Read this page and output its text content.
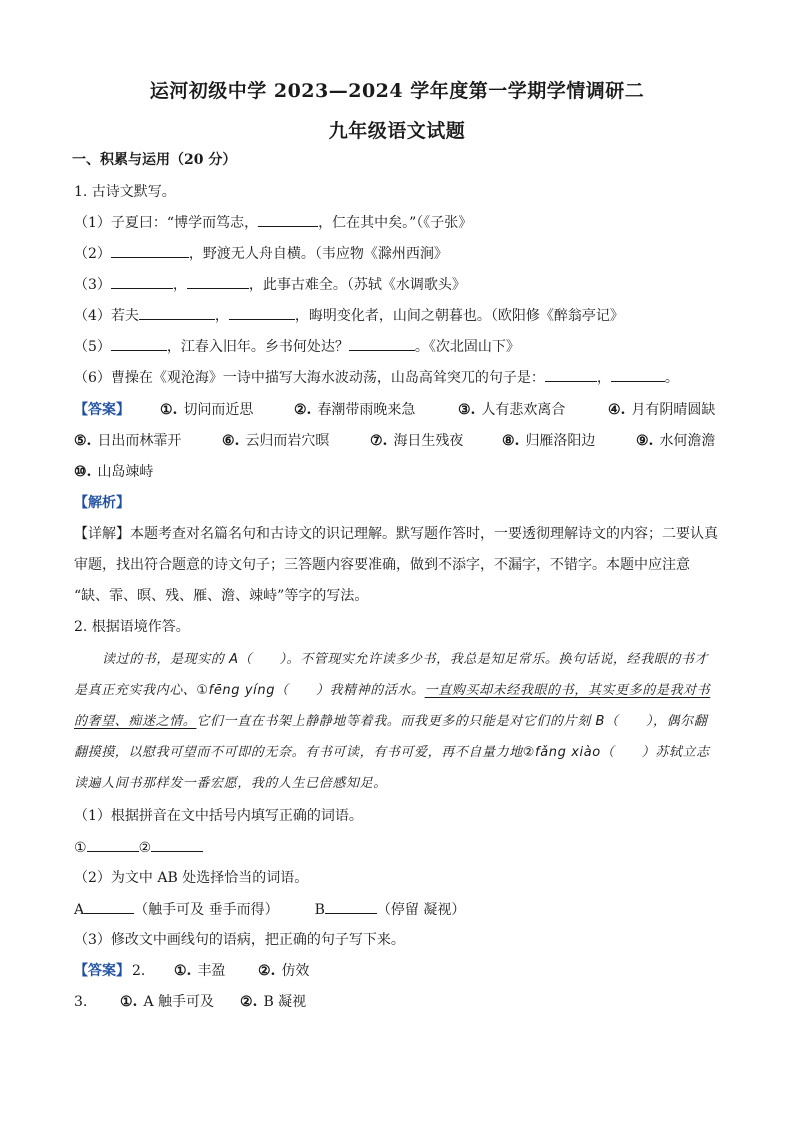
运河初级中学 2023—2024 学年度第一学期学情调研二
九年级语文试题
一、积累与运用（20 分）
1. 古诗文默写。
（1）子夏曰：“博学而笃志，	，仁在其中矣。”（《子张》
（2）	，野渡无人舟自横。（韦应物《滁州西涧》
（3）	，	，此事古难全。（苏轼《水调歌头》
（4）若夫	，	，晦明变化者，山间之朝暮也。（欧阳修《醉翁亭记》
（5）	，江春入旧年。乡书何处达？	。《次北固山下》
（6）曹操在《观沧海》一诗中描写大海水波动荡，山岛高耸突兀的句子是：	，	。
【答案】 ①. 切问而近思	②. 春潮带雨晚来急	③. 人有悲欢离合	④. 月有阴晴圆缺
⑤. 日出而林霏开	⑥. 云归而岩穴暝	⑦. 海日生残夜	⑧. 归雁洛阳边	⑨. 水何澹澹
⑩. 山岛竦峙
【解析】
【详解】本题考查对名篇名句和古诗文的识记理解。默写题作答时，一要透彻理解诗文的内容；二要认真
审题，找出符合题意的诗文句子；三答题内容要准确，做到不添字，不漏字，不错字。本题中应注意
“缺、霏、暝、残、雁、澹、竦峙”等字的写法。
2. 根据语境作答。
读过的书，是现实的 A（　　）。不管现实允许读多少书，我总是知足常乐。换句话说，经我眼的书才
是真正充实我内心、①fēng yíng（　　）我精神的活水。一直购买却未经我眼的书，其实更多的是我对书
的奢望、痴迷之情。它们一直在书架上静静地等着我。而我更多的只能是对它们的片刻 B（　　），偶尔翻
翻摸摸，以慰我可望而不可即的无奈。有书可读，有书可爱，再不自量力地②fǎng xiào（　　）苏轼立志
读遍人间书那样发一番宏愿，我的人生已倍感知足。
（1）根据拼音在文中括号内填写正确的词语。
①	②
（2）为文中 AB 处选择恰当的词语。
A	（触手可及 垂手而得）	B	（停留 凝视）
（3）修改文中画线句的语病，把正确的句子写下来。
【答案】 2. ①. 丰盈 ②. 仿效
3. ①. A 触手可及 ②. B 凝视
